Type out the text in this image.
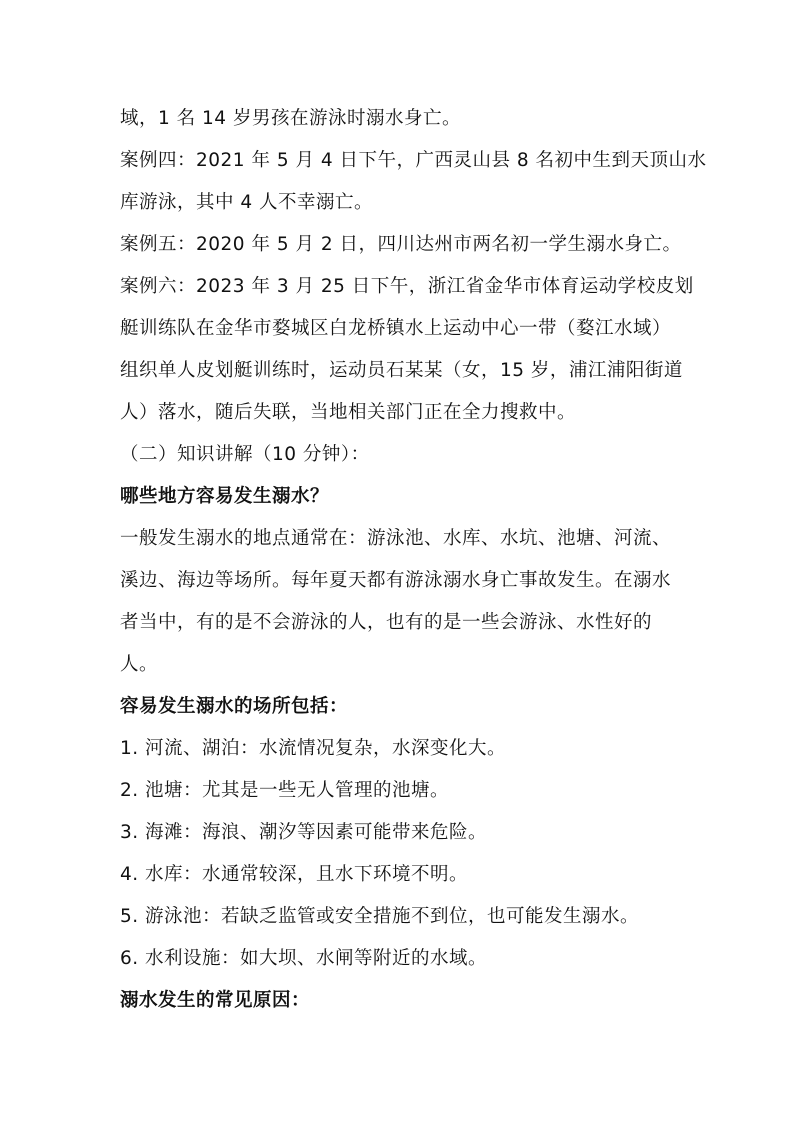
域，1 名 14 岁男孩在游泳时溺水身亡。
案例四：2021 年 5 月 4 日下午，广西灵山县 8 名初中生到天顶山水
库游泳，其中 4 人不幸溺亡。
案例五：2020 年 5 月 2 日，四川达州市两名初一学生溺水身亡。
案例六：2023 年 3 月 25 日下午，浙江省金华市体育运动学校皮划
艇训练队在金华市婺城区白龙桥镇水上运动中心一带（婺江水域）
组织单人皮划艇训练时，运动员石某某（女，15 岁，浦江浦阳街道
人）落水，随后失联，当地相关部门正在全力搜救中。
（二）知识讲解（10 分钟）：
哪些地方容易发生溺水？
一般发生溺水的地点通常在：游泳池、水库、水坑、池塘、河流、
溪边、海边等场所。每年夏天都有游泳溺水身亡事故发生。在溺水
者当中，有的是不会游泳的人，也有的是一些会游泳、水性好的
人。
容易发生溺水的场所包括：
1. 河流、湖泊：水流情况复杂，水深变化大。
2. 池塘：尤其是一些无人管理的池塘。
3. 海滩：海浪、潮汐等因素可能带来危险。
4. 水库：水通常较深，且水下环境不明。
5. 游泳池：若缺乏监管或安全措施不到位，也可能发生溺水。
6. 水利设施：如大坝、水闸等附近的水域。
溺水发生的常见原因：
